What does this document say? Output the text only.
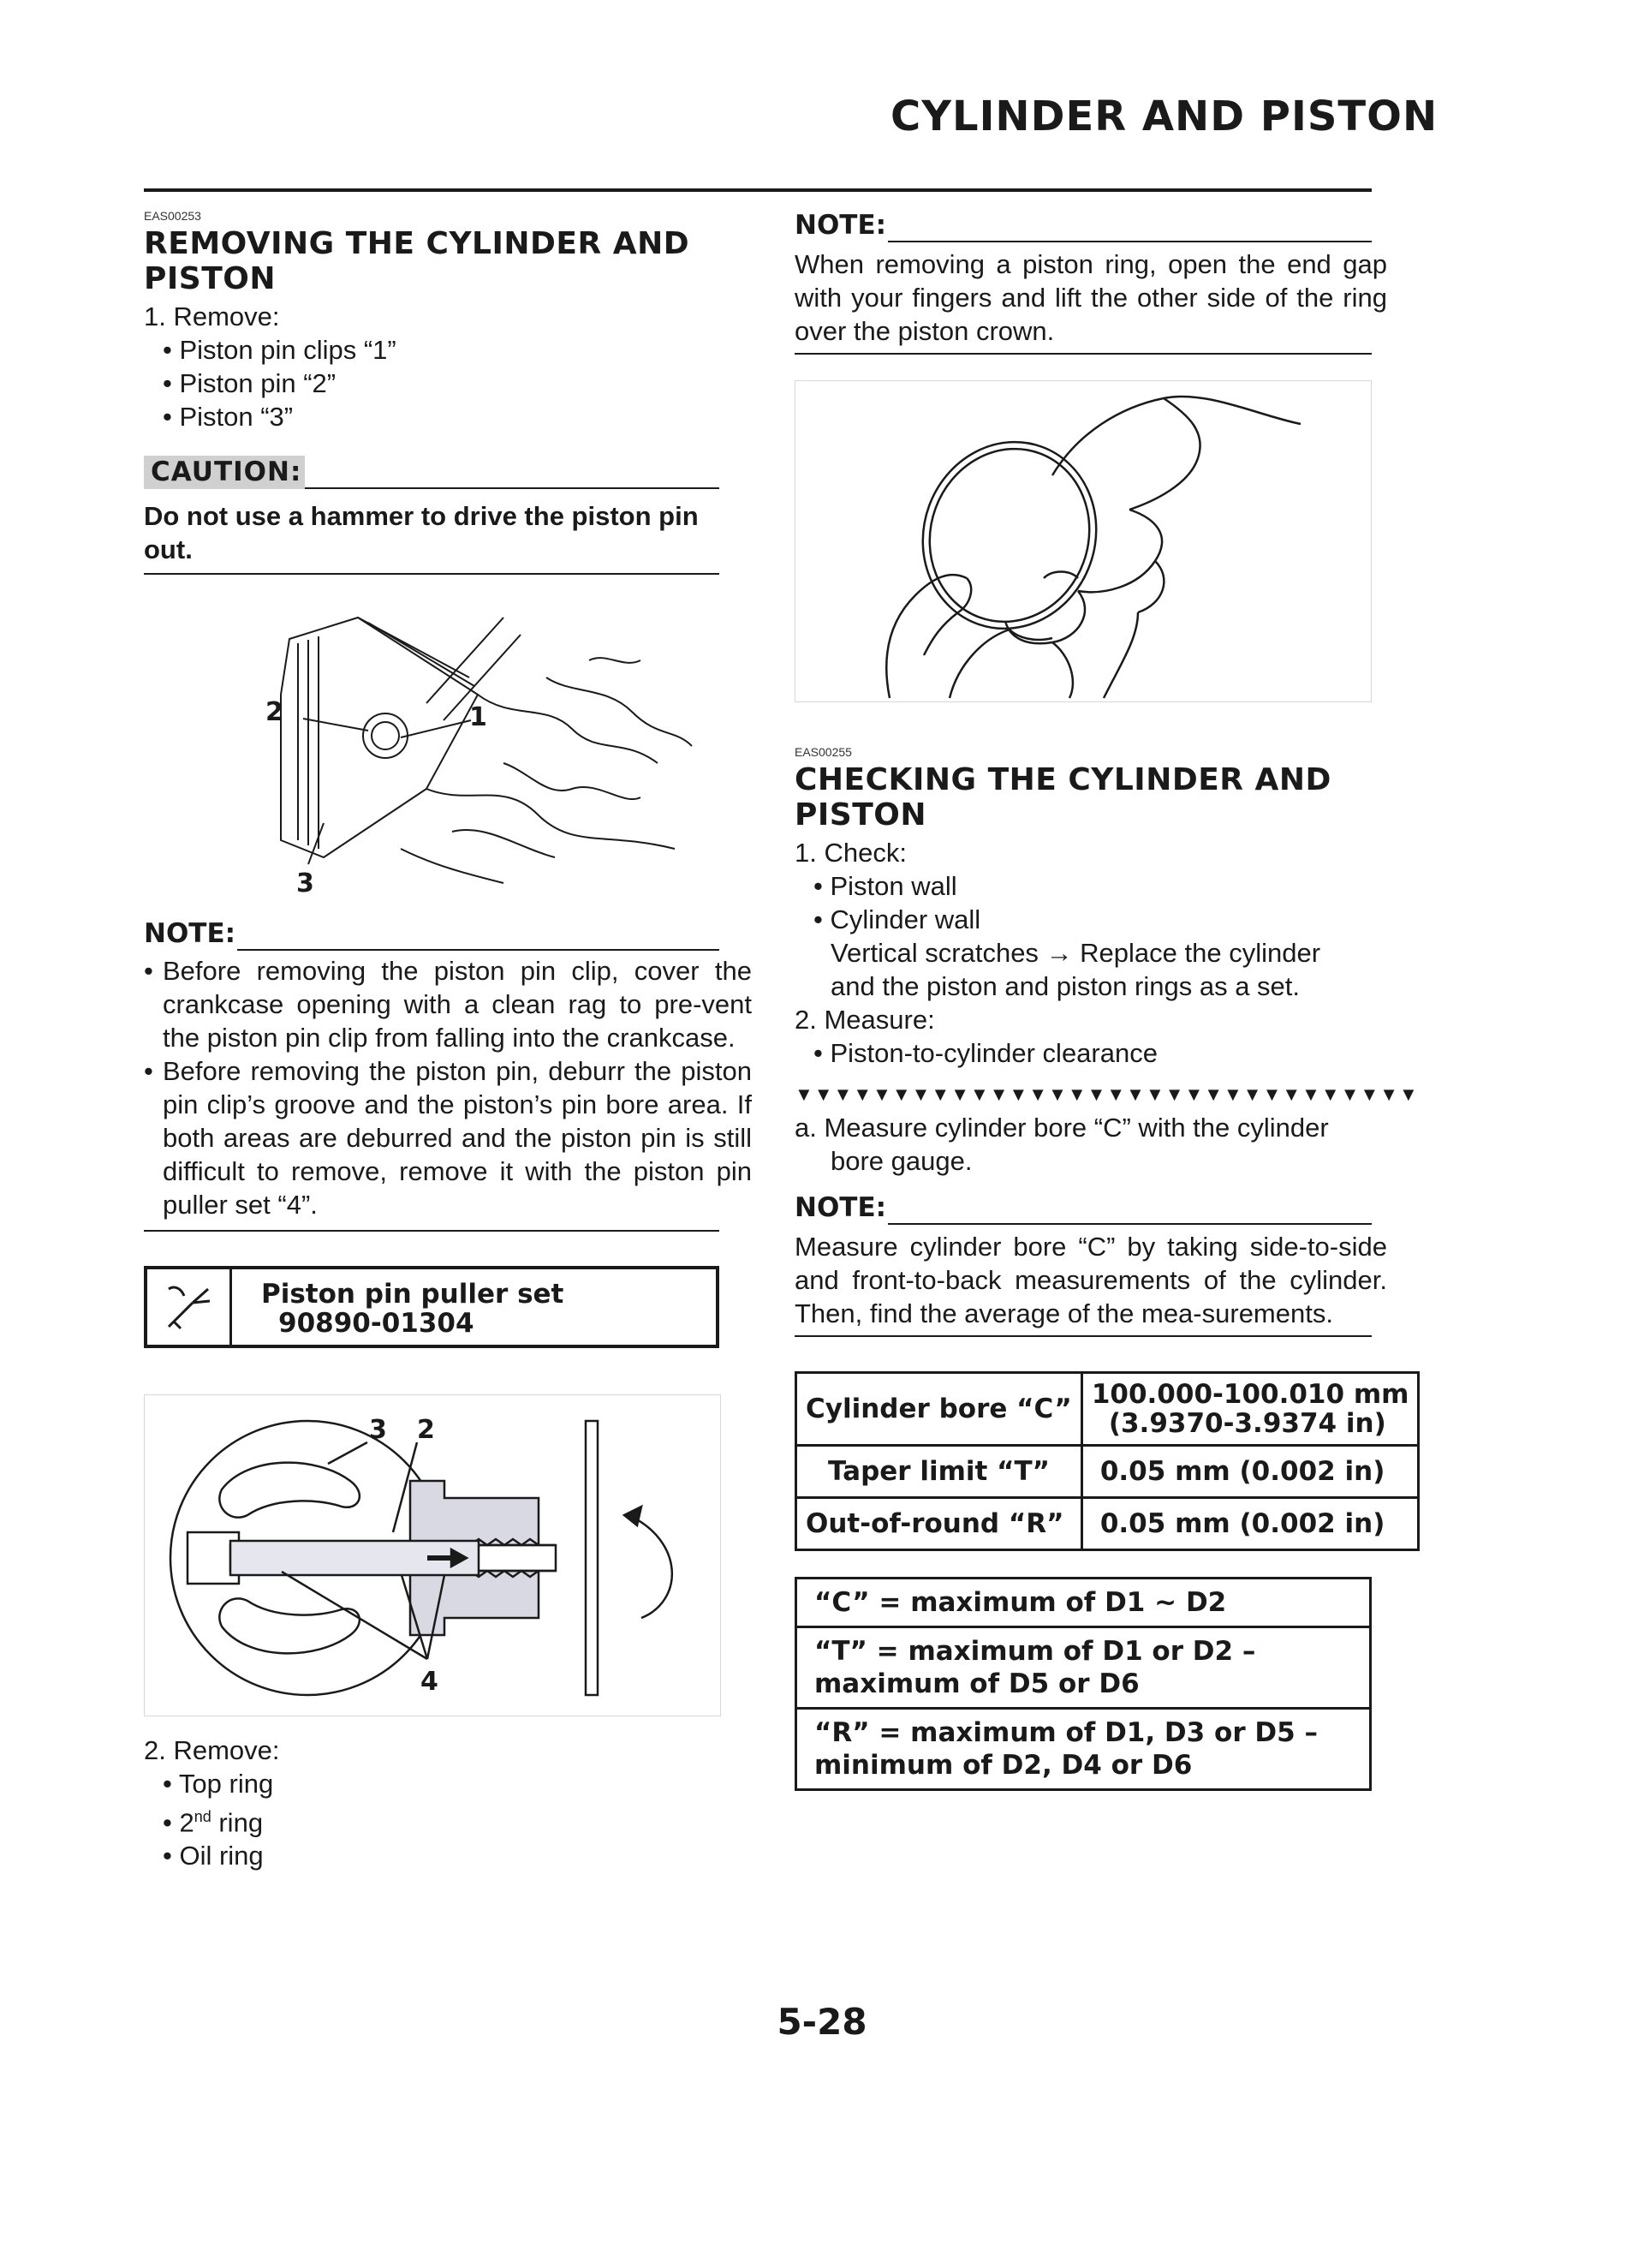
CYLINDER AND PISTON
EAS00253
REMOVING THE CYLINDER AND PISTON
1. Remove:
• Piston pin clips “1”
• Piston pin “2”
• Piston “3”
CAUTION:
Do not use a hammer to drive the piston pin out.
2	1
3
NOTE:
• Before removing the piston pin clip, cover the crankcase opening with a clean rag to pre-vent the piston pin clip from falling into the crankcase.
• Before removing the piston pin, deburr the piston pin clip’s groove and the piston’s pin bore area. If both areas are deburred and the piston pin is still difficult to remove, remove it with the piston pin puller set “4”.
Piston pin puller set
90890-01304
3 2
4
2. Remove:
• Top ring
• 2nd ring
• Oil ring
NOTE:
When removing a piston ring, open the end gap with your fingers and lift the other side of the ring over the piston crown.
EAS00255
CHECKING THE CYLINDER AND PISTON
1. Check:
• Piston wall
• Cylinder wall
Vertical scratches → Replace the cylinder and the piston and piston rings as a set.
2. Measure:
• Piston-to-cylinder clearance
▼▼▼▼▼▼▼▼▼▼▼▼▼▼▼▼▼▼▼▼▼▼▼▼▼▼▼▼▼▼▼▼
a. Measure cylinder bore “C” with the cylinder bore gauge.
NOTE:
Measure cylinder bore “C” by taking side-to-side and front-to-back measurements of the cylinder. Then, find the average of the mea-surements.
Cylinder bore “C”	100.000-100.010 mm
(3.9370-3.9374 in)

Taper limit “T”	0.05 mm (0.002 in)
Out-of-round “R”	0.05 mm (0.002 in)
“C” = maximum of D1 ~ D2
“T” = maximum of D1 or D2 – maximum of D5 or D6
“R” = maximum of D1, D3 or D5 – minimum of D2, D4 or D6
5-28
